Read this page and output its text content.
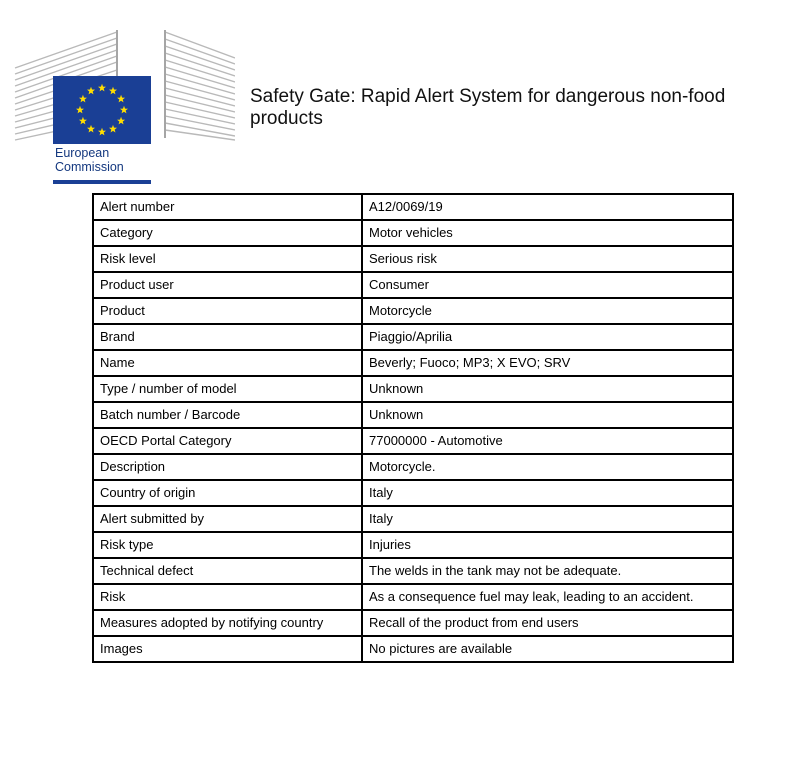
European
Commission
Safety Gate: Rapid Alert System for dangerous non-food products
Alert number	A12/0069/19
Category	Motor vehicles
Risk level	Serious risk
Product user	Consumer
Product	Motorcycle
Brand	Piaggio/Aprilia
Name	Beverly; Fuoco; MP3; X EVO; SRV
Type / number of model	Unknown
Batch number / Barcode	Unknown
OECD Portal Category	77000000 - Automotive
Description	Motorcycle.
Country of origin	Italy
Alert submitted by	Italy
Risk type	Injuries
Technical defect	The welds in the tank may not be adequate.
Risk	As a consequence fuel may leak, leading to an accident.
Measures adopted by notifying country	Recall of the product from end users
Images	No pictures are available
